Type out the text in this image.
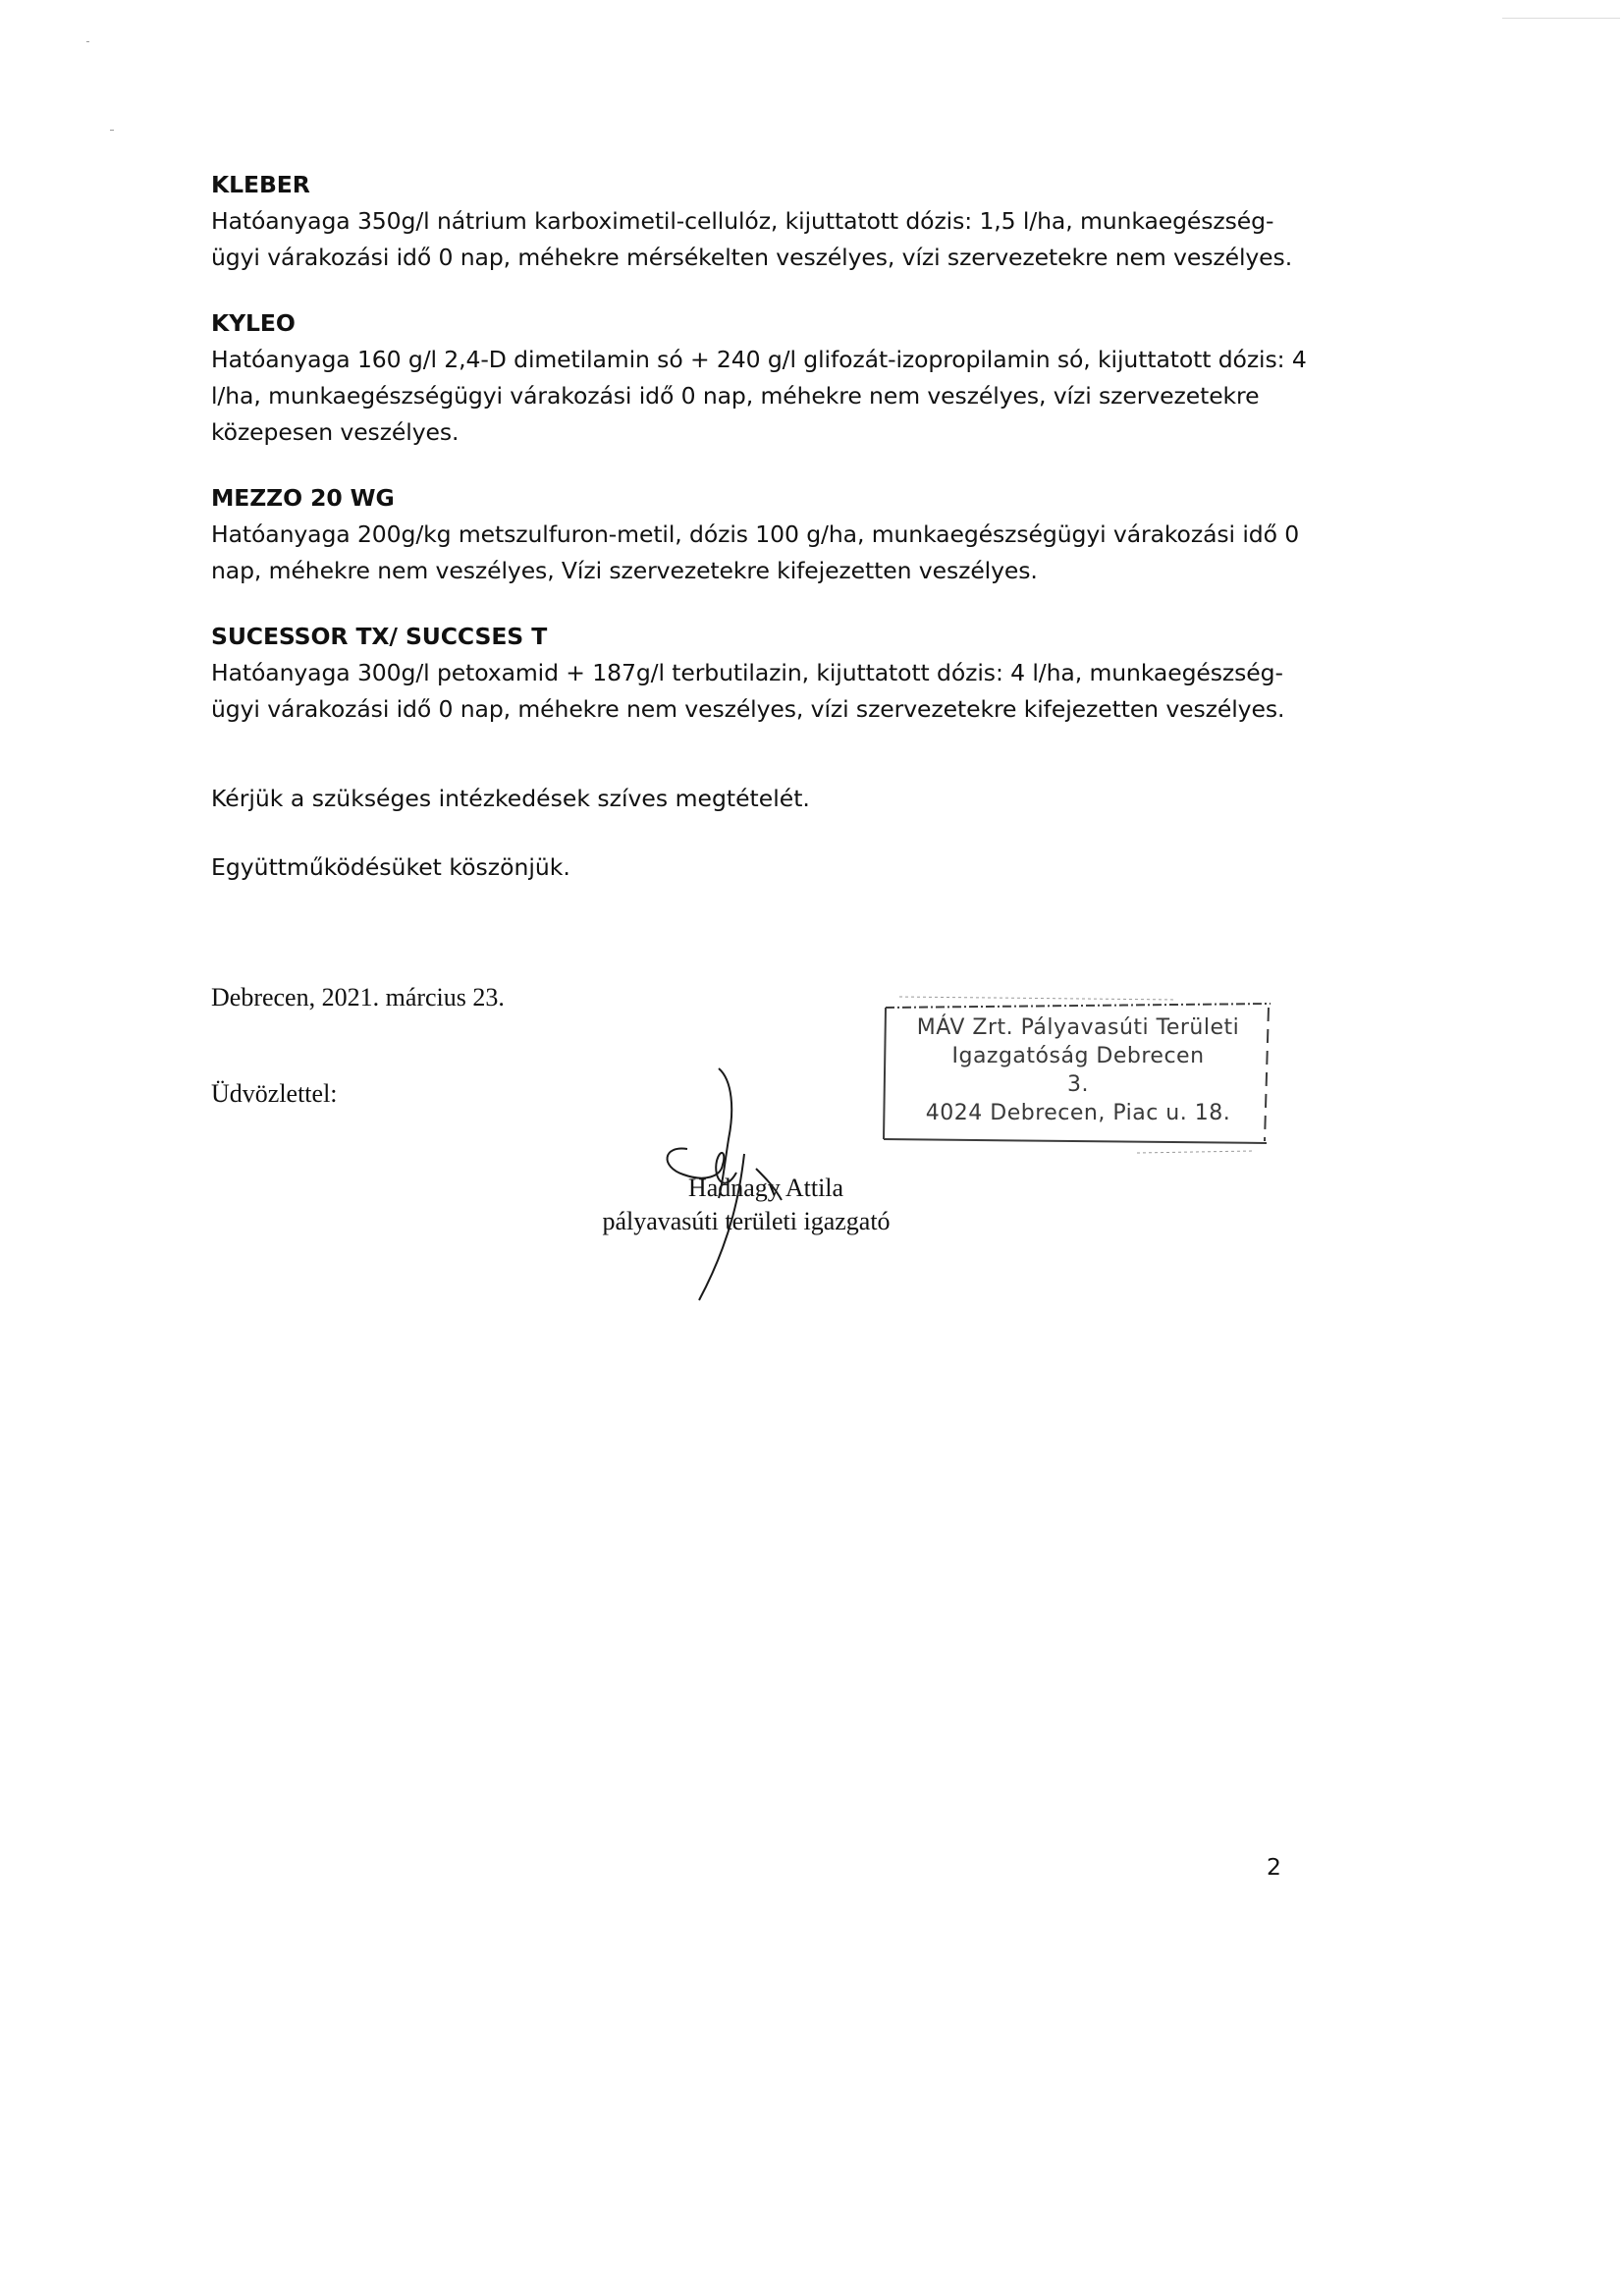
KLEBER
Hatóanyaga 350g/l nátrium karboximetil-cellulóz, kijuttatott dózis: 1,5 l/ha, munkaegészség-ügyi várakozási idő 0 nap, méhekre mérsékelten veszélyes, vízi szervezetekre nem veszélyes.
KYLEO
Hatóanyaga 160 g/l 2,4-D dimetilamin só + 240 g/l glifozát-izopropilamin só, kijuttatott dózis: 4 l/ha, munkaegészségügyi várakozási idő 0 nap, méhekre nem veszélyes, vízi szervezetekre közepesen veszélyes.
MEZZO 20 WG
Hatóanyaga 200g/kg metszulfuron-metil, dózis 100 g/ha, munkaegészségügyi várakozási idő 0 nap, méhekre nem veszélyes, Vízi szervezetekre kifejezetten veszélyes.
SUCESSOR TX/ SUCCSES T
Hatóanyaga 300g/l petoxamid + 187g/l terbutilazin, kijuttatott dózis: 4 l/ha, munkaegészség-ügyi várakozási idő 0 nap, méhekre nem veszélyes, vízi szervezetekre kifejezetten veszélyes.
Kérjük a szükséges intézkedések szíves megtételét.
Együttműködésüket köszönjük.
Debrecen, 2021. március 23.
Üdvözlettel:
MÁV Zrt. Pályavasúti Területi
Igazgatóság Debrecen
3.
4024 Debrecen, Piac u. 18.
Hadnagy Attila
pályavasúti területi igazgató
2
